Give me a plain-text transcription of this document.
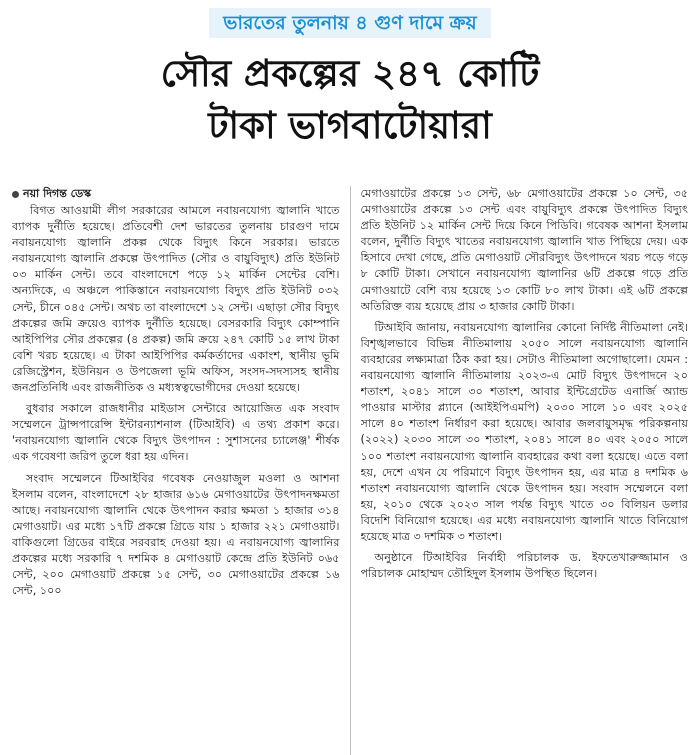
ভারতের তুলনায় ৪ গুণ দামে ক্রয়
সৌর প্রকল্পের ২৪৭ কোটি
টাকা ভাগবাটোয়ারা
নয়া দিগন্ত ডেস্ক

বিগত আওয়ামী লীগ সরকারের আমলে নবায়নযোগ্য জ্বালানি খাতে ব্যাপক দুর্নীতি হয়েছে। প্রতিবেশী দেশ ভারতের তুলনায় চারগুণ দামে নবায়নযোগ্য জ্বালানি প্রকল্প থেকে বিদ্যুৎ কিনে সরকার। ভারতে নবায়নযোগ্য জ্বালানি প্রকল্পে উৎপাদিত (সৌর ও বায়ুবিদ্যুৎ) প্রতি ইউনিট ০৩ মার্কিন সেন্ট। তবে বাংলাদেশে পড়ে ১২ মার্কিন সেন্টের বেশি। অন্যদিকে, এ অঞ্চলে পাকিস্তানে নবায়নযোগ্য বিদ্যুৎ প্রতি ইউনিট ০৩২ সেন্ট, চীনে ০৪৫ সেন্ট। অথচ তা বাংলাদেশে ১২ সেন্ট। এছাড়া সৌর বিদ্যুৎ প্রকল্পের জমি ক্রয়েও ব্যাপক দুর্নীতি হয়েছে। বেসরকারি বিদ্যুৎ কোম্পানি আইপিপির সৌর প্রকল্পের (৪ প্রকল্প) জমি ক্রয়ে ২৪৭ কোটি ১৫ লাখ টাকা বেশি খরচ হয়েছে। এ টাকা আইপিপির কর্মকর্তাদের একাংশ, স্থানীয় ভূমি রেজিস্ট্রেশন, ইউনিয়ন ও উপজেলা ভূমি অফিস, সংসদ-সদস্যসহ স্থানীয় জনপ্রতিনিধি এবং রাজনীতিক ও মধ্যস্বত্বভোগীদের দেওয়া হয়েছে।

বুধবার সকালে রাজধানীর মাইডাস সেন্টারে আয়োজিত এক সংবাদ সম্মেলনে ট্রান্সপারেন্সি ইন্টারন্যাশনাল (টিআইবি) এ তথ্য প্রকাশ করে। 'নবায়নযোগ্য জ্বালানি থেকে বিদ্যুৎ উৎপাদন : সুশাসনের চ্যালেঞ্জ' শীর্ষক এক গবেষণা জরিপ তুলে ধরা হয় এদিন।

সংবাদ সম্মেলনে টিআইবির গবেষক নেওয়াজুল মওলা ও আশনা ইসলাম বলেন, বাংলাদেশে ২৮ হাজার ৬১৬ মেগাওয়াটের উৎপাদনক্ষমতা আছে। নবায়নযোগ্য জ্বালানি থেকে উৎপাদন করার ক্ষমতা ১ হাজার ৩১৪ মেগাওয়াট। এর মধ্যে ১৭টি প্রকল্পে গ্রিডে যায় ১ হাজার ২২১ মেগাওয়াট। বাকিগুলো গ্রিডের বাইরে সরবরাহ দেওয়া হয়। এ নবায়নযোগ্য জ্বালানির প্রকল্পের মধ্যে সরকারি ৭ দশমিক ৪ মেগাওয়াট কেন্দ্রে প্রতি ইউনিট ০৬৫ সেন্ট, ২০০ মেগাওয়াট প্রকল্পে ১৫ সেন্ট, ৩০ মেগাওয়াটের প্রকল্পে ১৬ সেন্ট, ১০০

মেগাওয়াটের প্রকল্পে ১৩ সেন্ট, ৬৮ মেগাওয়াটের প্রকল্পে ১০ সেন্ট, ৩৫ মেগাওয়াটের প্রকল্পে ১৩ সেন্ট এবং বায়ুবিদ্যুৎ প্রকল্পে উৎপাদিত বিদ্যুৎ প্রতি ইউনিট ১২ মার্কিন সেন্ট দিয়ে কিনে পিডিবি। গবেষক আশনা ইসলাম বলেন, দুর্নীতি বিদ্যুৎ খাতের নবায়নযোগ্য জ্বালানি খাত পিছিয়ে দেয়। এক হিসাবে দেখা গেছে, প্রতি মেগাওয়াট সৌরবিদ্যুৎ উৎপাদনে খরচ পড়ে গড়ে ৮ কোটি টাকা। সেখানে নবায়নযোগ্য জ্বালানির ৬টি প্রকল্পে গড়ে প্রতি মেগাওয়াটে বেশি ব্যয় হয়েছে ১৩ কোটি ৮০ লাখ টাকা। এই ৬টি প্রকল্পে অতিরিক্ত ব্যয় হয়েছে প্রায় ৩ হাজার কোটি টাকা।

টিআইবি জানায়, নবায়নযোগ্য জ্বালানির কোনো নির্দিষ্ট নীতিমালা নেই। বিশৃঙ্খলভাবে বিভিন্ন নীতিমালায় ২০৫০ সালে নবায়নযোগ্য জ্বালানি ব্যবহারের লক্ষ্যমাত্রা ঠিক করা হয়। সেটাও নীতিমালা অগোছালো। যেমন : নবায়নযোগ্য জ্বালানি নীতিমালায় ২০২৩-এ মোট বিদ্যুৎ উৎপাদনে ২০ শতাংশ, ২০৪১ সালে ৩০ শতাংশ, আবার ইন্টিগ্রেটেড এনার্জি অ্যান্ড পাওয়ার মাস্টার প্ল্যানে (আইইপিএমপি) ২০৩০ সালে ১০ এবং ২০২৫ সালে ৪০ শতাংশ নির্ধারণ করা হয়েছে। আবার জলবায়ুসমৃদ্ধ পরিকল্পনায় (২০২২) ২০৩০ সালে ৩০ শতাংশ, ২০৪১ সালে ৪০ এবং ২০৫০ সালে ১০০ শতাংশ নবায়নযোগ্য জ্বালানি ব্যবহারের কথা বলা হয়েছে। এতে বলা হয়, দেশে এখন যে পরিমাণে বিদ্যুৎ উৎপাদন হয়, এর মাত্র ৪ দশমিক ৬ শতাংশ নবায়নযোগ্য জ্বালানি থেকে উৎপাদন হয়। সংবাদ সম্মেলনে বলা হয়, ২০১০ থেকে ২০২৩ সাল পর্যন্ত বিদ্যুৎ খাতে ৩০ বিলিয়ন ডলার বিদেশি বিনিয়োগ হয়েছে। এর মধ্যে নবায়নযোগ্য জ্বালানি খাতে বিনিয়োগ হয়েছে মাত্র ৩ দশমিক ৩ শতাংশ।

অনুষ্ঠানে টিআইবির নির্বাহী পরিচালক ড. ইফতেখারুজ্জামান ও পরিচালক মোহাম্মদ তৌহিদুল ইসলাম উপস্থিত ছিলেন।
